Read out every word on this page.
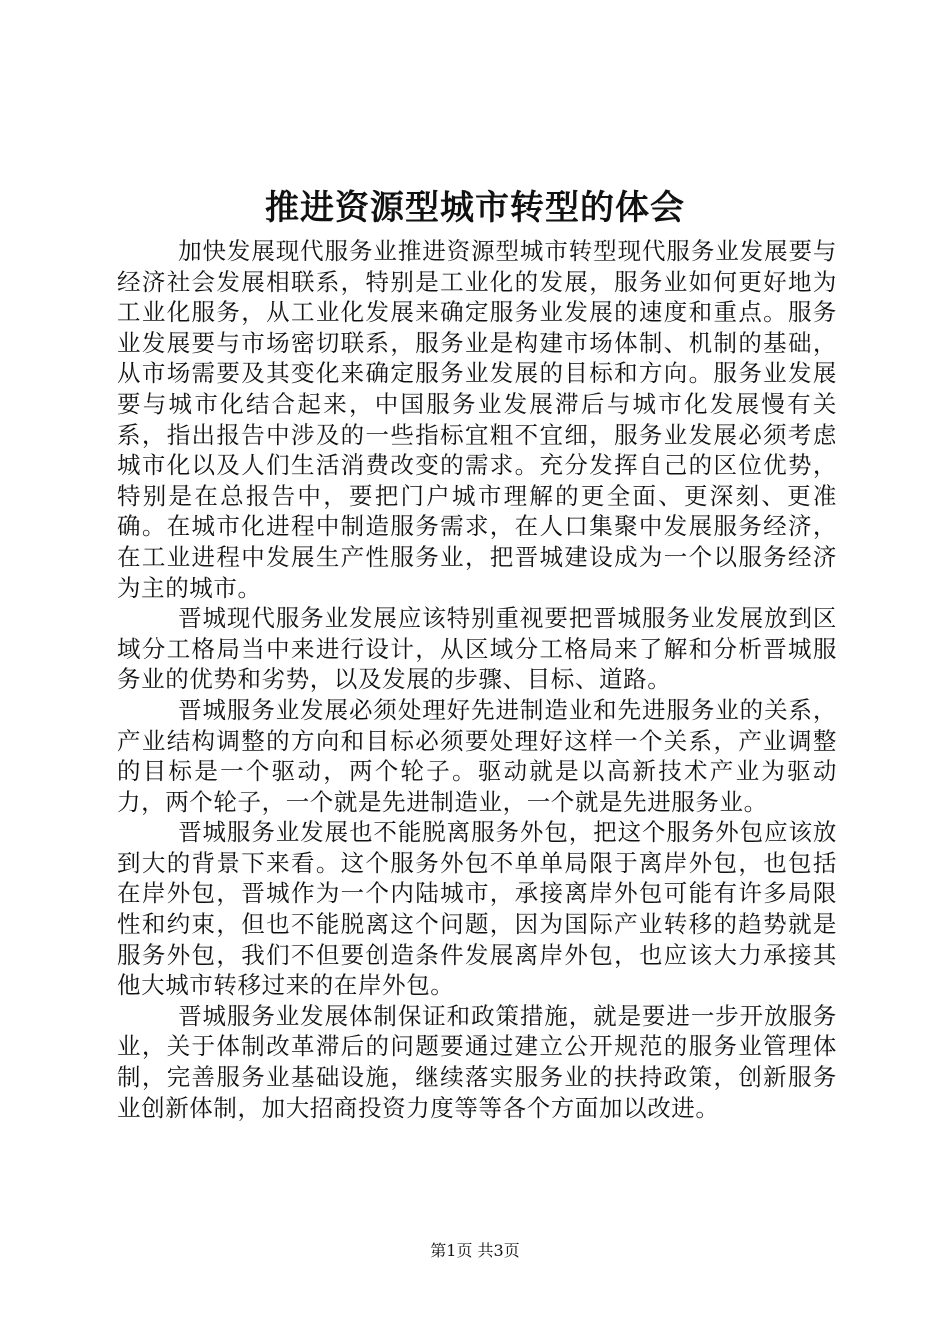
推进资源型城市转型的体会

加快发展现代服务业推进资源型城市转型现代服务业发展要与经济社会发展相联系，特别是工业化的发展，服务业如何更好地为工业化服务，从工业化发展来确定服务业发展的速度和重点。服务业发展要与市场密切联系，服务业是构建市场体制、机制的基础，从市场需要及其变化来确定服务业发展的目标和方向。服务业发展要与城市化结合起来，中国服务业发展滞后与城市化发展慢有关系，指出报告中涉及的一些指标宜粗不宜细，服务业发展必须考虑城市化以及人们生活消费改变的需求。充分发挥自己的区位优势，特别是在总报告中，要把门户城市理解的更全面、更深刻、更准确。在城市化进程中制造服务需求，在人口集聚中发展服务经济，在工业进程中发展生产性服务业，把晋城建设成为一个以服务经济为主的城市。

晋城现代服务业发展应该特别重视要把晋城服务业发展放到区域分工格局当中来进行设计，从区域分工格局来了解和分析晋城服务业的优势和劣势，以及发展的步骤、目标、道路。

晋城服务业发展必须处理好先进制造业和先进服务业的关系，产业结构调整的方向和目标必须要处理好这样一个关系，产业调整的目标是一个驱动，两个轮子。驱动就是以高新技术产业为驱动力，两个轮子，一个就是先进制造业，一个就是先进服务业。

晋城服务业发展也不能脱离服务外包，把这个服务外包应该放到大的背景下来看。这个服务外包不单单局限于离岸外包，也包括在岸外包，晋城作为一个内陆城市，承接离岸外包可能有许多局限性和约束，但也不能脱离这个问题，因为国际产业转移的趋势就是服务外包，我们不但要创造条件发展离岸外包，也应该大力承接其他大城市转移过来的在岸外包。

晋城服务业发展体制保证和政策措施，就是要进一步开放服务业，关于体制改革滞后的问题要通过建立公开规范的服务业管理体制，完善服务业基础设施，继续落实服务业的扶持政策，创新服务业创新体制，加大招商投资力度等等各个方面加以改进。

第1页 共3页
